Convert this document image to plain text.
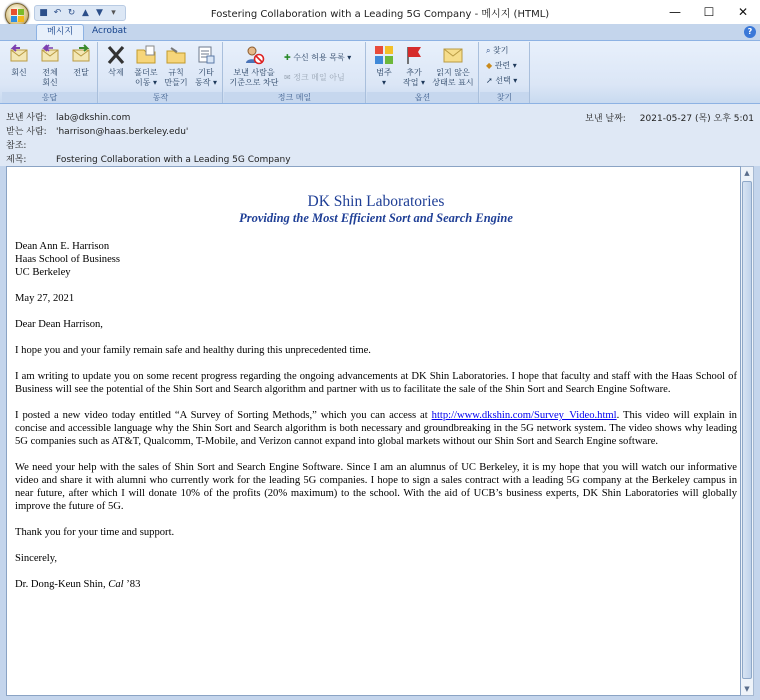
■ ↶ ↻ ▲ ▼ ▾	Fostering Collaboration with a Leading 5G Company - 메시지 (HTML)	—	☐	✕
메시지	Acrobat	?
회신	전체
회신
전달
응답
삭제	폴더로
이동 ▾
규칙
만들기
기타
동작 ▾
동작
보낸 사람을
기준으로 차단
✚ 수신 허용 목록 ▾
✉ 정크 메일 아님
정크 메일
범주
▾
추가
작업 ▾
읽지 않은
상태로 표시
옵션
⌕ 찾기
◆ 관련 ▾
➚ 선택 ▾
찾기
보낸 사람: lab@dkshin.com
받는 사람: 'harrison@haas.berkeley.edu'
참조:
제목:	Fostering Collaboration with a Leading 5G Company
보낸 날짜: 2021-05-27 (목) 오후 5:01
DK Shin Laboratories
Providing the Most Efficient Sort and Search Engine
Dean Ann E. Harrison
Haas School of Business
UC Berkeley

May 27, 2021

Dear Dean Harrison,

I hope you and your family remain safe and healthy during this unprecedented time.

I am writing to update you on some recent progress regarding the ongoing advancements at DK Shin Laboratories. I hope that faculty and staff with the Haas School of Business will see the potential of the Shin Sort and Search algorithm and partner with us to facilitate the sale of the Shin Sort and Search Engine Software.

I posted a new video today entitled “A Survey of Sorting Methods,” which you can access at http://www.dkshin.com/Survey_Video.html. This video will explain in concise and accessible language why the Shin Sort and Search algorithm is both necessary and groundbreaking in the 5G network system. The video shows why leading 5G companies such as AT&T, Qualcomm, T-Mobile, and Verizon cannot expand into global markets without our Shin Sort and Search Engine software.

We need your help with the sales of Shin Sort and Search Engine Software. Since I am an alumnus of UC Berkeley, it is my hope that you will watch our informative video and share it with alumni who currently work for the leading 5G companies. I hope to sign a sales contract with a leading 5G company at the Berkeley campus in near future, after which I will donate 10% of the profits (20% maximum) to the school. With the aid of UCB’s business experts, DK Shin Laboratories will globally improve the future of 5G.

Thank you for your time and support.

Sincerely,

Dr. Dong-Keun Shin, Cal ’83

▲
▼
